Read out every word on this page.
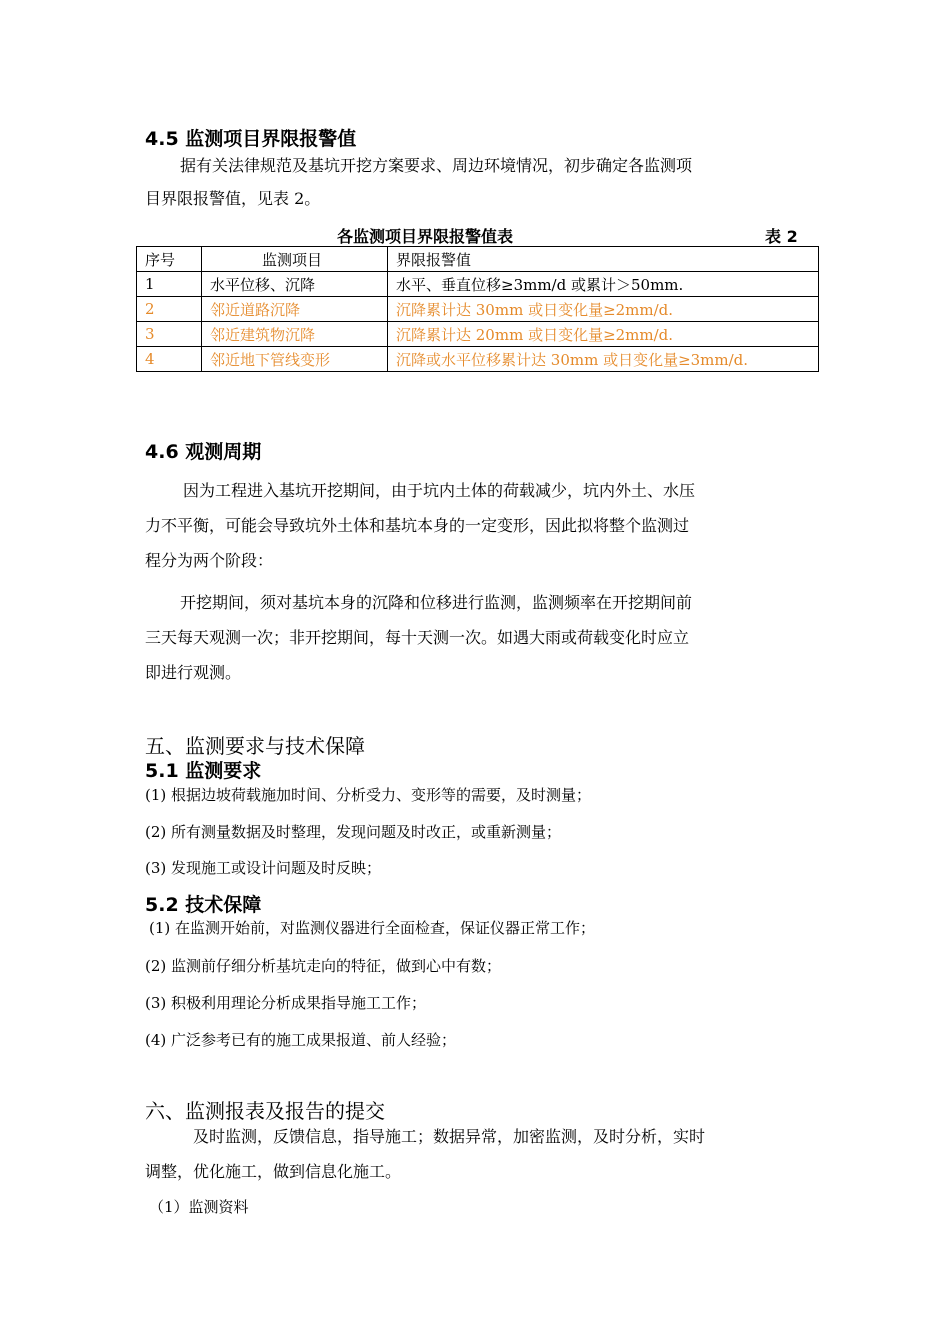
4.5 监测项目界限报警值
据有关法律规范及基坑开挖方案要求、周边环境情况，初步确定各监测项
目界限报警值，见表 2。
各监测项目界限报警值表	表 2
序号	监测项目	界限报警值
1	水平位移、沉降	水平、垂直位移≥3mm/d 或累计＞50mm.
2	邻近道路沉降	沉降累计达 30mm 或日变化量≥2mm/d.
3	邻近建筑物沉降	沉降累计达 20mm 或日变化量≥2mm/d.
4	邻近地下管线变形	沉降或水平位移累计达 30mm 或日变化量≥3mm/d.
4.6 观测周期
因为工程进入基坑开挖期间，由于坑内土体的荷载减少，坑内外土、水压
力不平衡，可能会导致坑外土体和基坑本身的一定变形，因此拟将整个监测过
程分为两个阶段：
开挖期间，须对基坑本身的沉降和位移进行监测，监测频率在开挖期间前
三天每天观测一次；非开挖期间，每十天测一次。如遇大雨或荷载变化时应立
即进行观测。
五、监测要求与技术保障
5.1 监测要求
(1) 根据边坡荷载施加时间、分析受力、变形等的需要，及时测量；
(2) 所有测量数据及时整理，发现问题及时改正，或重新测量；
(3) 发现施工或设计问题及时反映；
5.2 技术保障
(1) 在监测开始前，对监测仪器进行全面检查，保证仪器正常工作；
(2) 监测前仔细分析基坑走向的特征，做到心中有数；
(3) 积极利用理论分析成果指导施工工作；
(4) 广泛参考已有的施工成果报道、前人经验；
六、监测报表及报告的提交
及时监测，反馈信息，指导施工；数据异常，加密监测，及时分析，实时
调整，优化施工，做到信息化施工。
（1）监测资料
